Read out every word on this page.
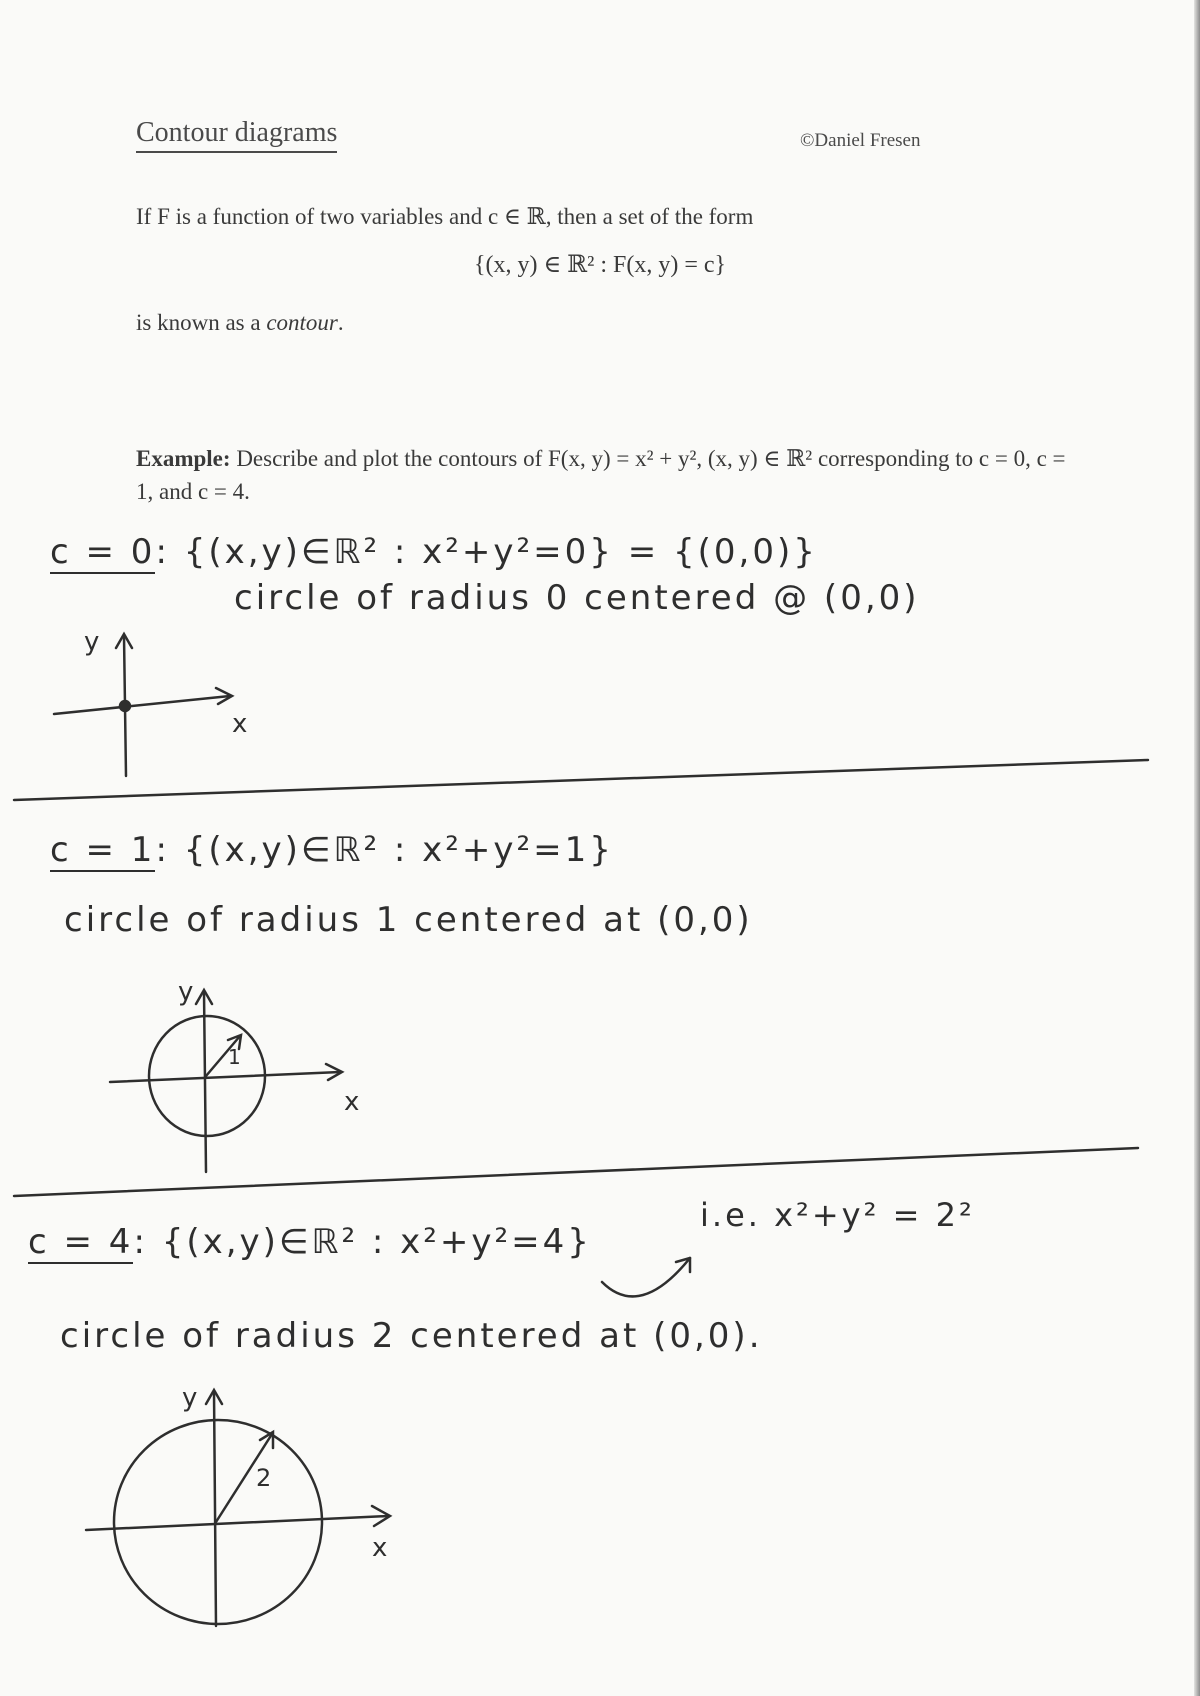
Contour diagrams	©Daniel Fresen
If F is a function of two variables and c ∈ ℝ, then a set of the form
{(x, y) ∈ ℝ² : F(x, y) = c}
is known as a contour.
Example: Describe and plot the contours of F(x, y) = x² + y², (x, y) ∈ ℝ² corresponding to c = 0, c = 1, and c = 4.
c = 0: {(x,y)∈ℝ² : x²+y²=0} = {(0,0)}
circle of radius 0 centered @ (0,0)
c = 1: {(x,y)∈ℝ² : x²+y²=1}
circle of radius 1 centered at (0,0)
c = 4: {(x,y)∈ℝ² : x²+y²=4}
i.e. x²+y² = 2²
circle of radius 2 centered at (0,0).
x
y
x
y
1
x
y
2
